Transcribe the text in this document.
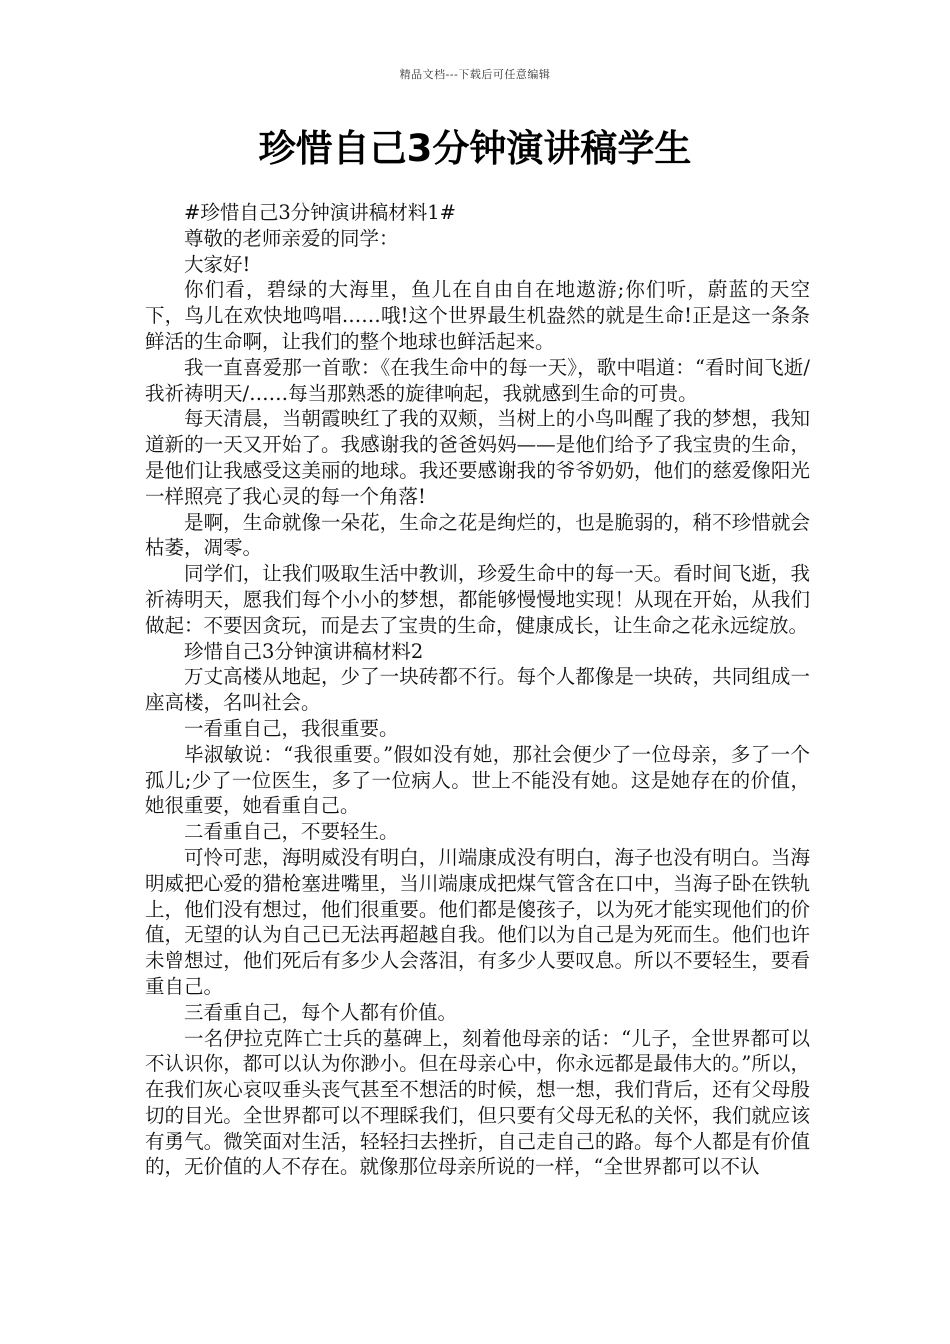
精品文档---下载后可任意编辑
珍惜自己3分钟演讲稿学生

#珍惜自己3分钟演讲稿材料1#

尊敬的老师亲爱的同学：

大家好!

你们看，碧绿的大海里，鱼儿在自由自在地遨游;你们听，蔚蓝的天空下，鸟儿在欢快地鸣唱……哦!这个世界最生机盎然的就是生命!正是这一条条鲜活的生命啊，让我们的整个地球也鲜活起来。

我一直喜爱那一首歌：《在我生命中的每一天》，歌中唱道：“看时间飞逝/我祈祷明天/……每当那熟悉的旋律响起，我就感到生命的可贵。

每天清晨，当朝霞映红了我的双颊，当树上的小鸟叫醒了我的梦想，我知道新的一天又开始了。我感谢我的爸爸妈妈——是他们给予了我宝贵的生命，是他们让我感受这美丽的地球。我还要感谢我的爷爷奶奶，他们的慈爱像阳光一样照亮了我心灵的每一个角落!

是啊，生命就像一朵花，生命之花是绚烂的，也是脆弱的，稍不珍惜就会枯萎，凋零。

同学们，让我们吸取生活中教训，珍爱生命中的每一天。看时间飞逝，我祈祷明天，愿我们每个小小的梦想，都能够慢慢地实现！从现在开始，从我们做起：不要因贪玩，而是去了宝贵的生命，健康成长，让生命之花永远绽放。

珍惜自己3分钟演讲稿材料2

万丈高楼从地起，少了一块砖都不行。每个人都像是一块砖，共同组成一座高楼，名叫社会。

一看重自己，我很重要。

毕淑敏说：“我很重要。”假如没有她，那社会便少了一位母亲，多了一个孤儿;少了一位医生，多了一位病人。世上不能没有她。这是她存在的价值，她很重要，她看重自己。

二看重自己，不要轻生。

可怜可悲，海明威没有明白，川端康成没有明白，海子也没有明白。当海明威把心爱的猎枪塞进嘴里，当川端康成把煤气管含在口中，当海子卧在铁轨上，他们没有想过，他们很重要。他们都是傻孩子，以为死才能实现他们的价值，无望的认为自己已无法再超越自我。他们以为自己是为死而生。他们也许未曾想过，他们死后有多少人会落泪，有多少人要叹息。所以不要轻生，要看重自己。

三看重自己，每个人都有价值。

一名伊拉克阵亡士兵的墓碑上，刻着他母亲的话：“儿子，全世界都可以不认识你，都可以认为你渺小。但在母亲心中，你永远都是最伟大的。”所以，在我们灰心哀叹垂头丧气甚至不想活的时候，想一想，我们背后，还有父母殷切的目光。全世界都可以不理睬我们，但只要有父母无私的关怀，我们就应该有勇气。微笑面对生活，轻轻扫去挫折，自己走自己的路。每个人都是有价值的，无价值的人不存在。就像那位母亲所说的一样，“全世界都可以不认
